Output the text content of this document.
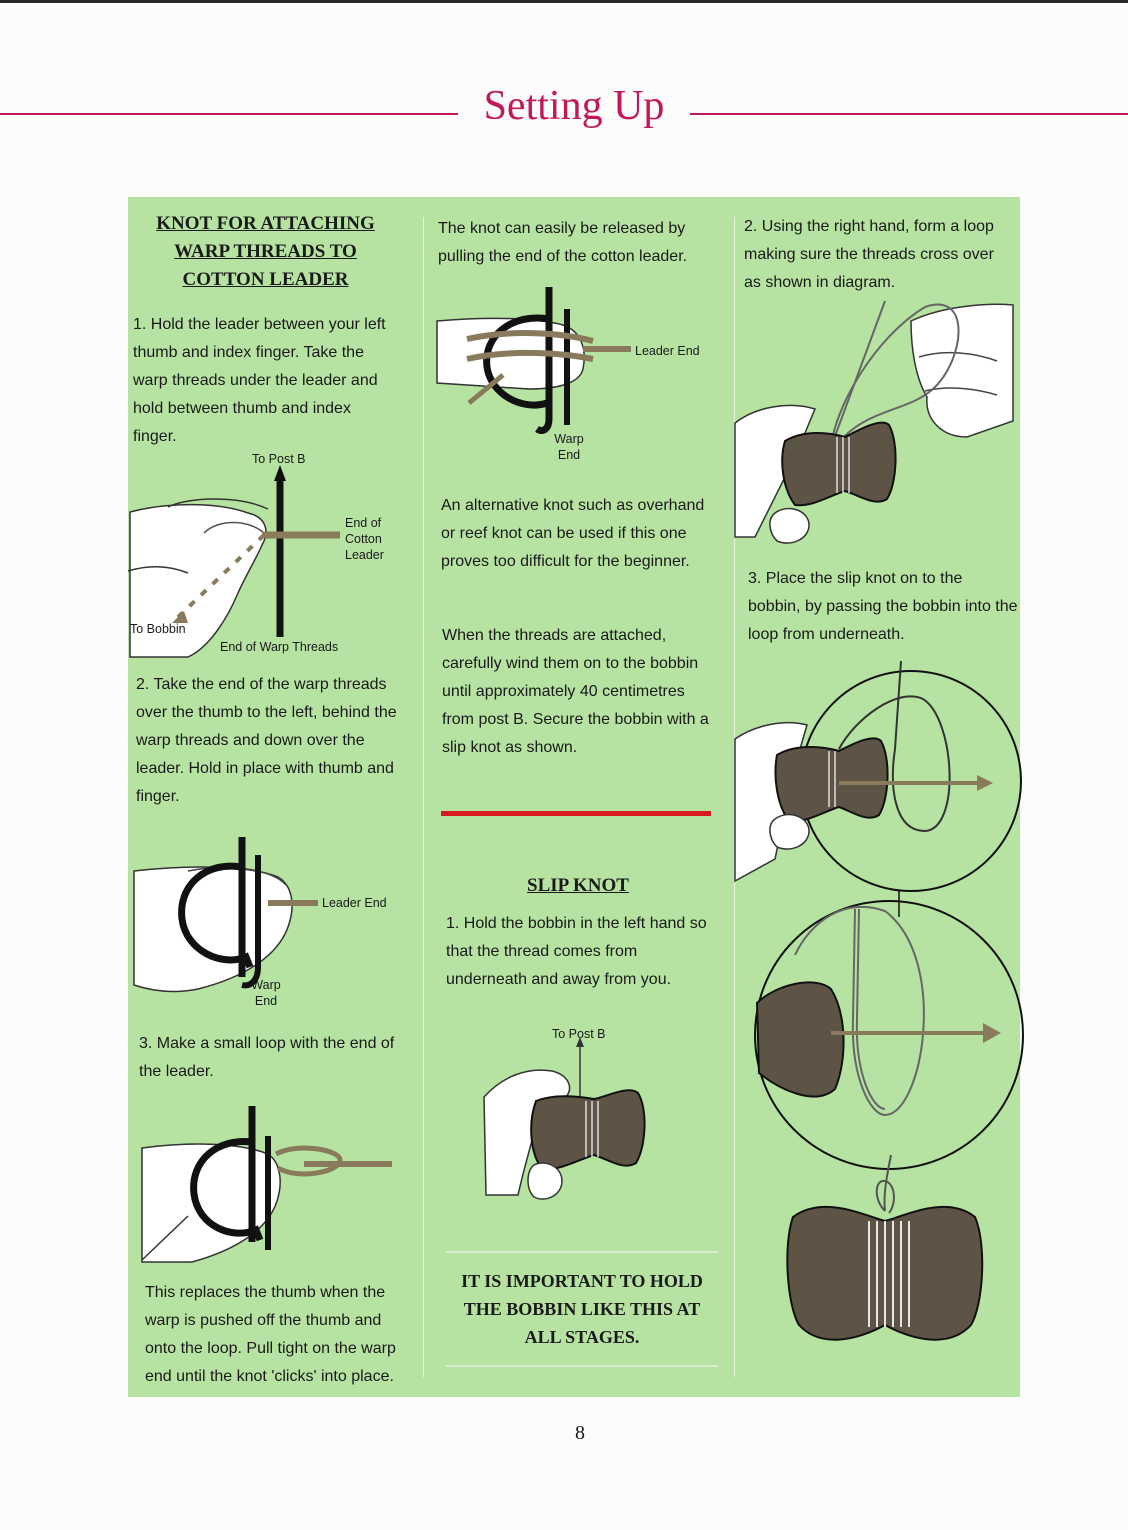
Setting Up
KNOT FOR ATTACHING WARP THREADS TO COTTON LEADER

1. Hold the leader between your left thumb and index finger. Take the warp threads under the leader and hold between thumb and index finger.

To Post B
End of Cotton Leader
To Bobbin
End of Warp Threads

2. Take the end of the warp threads over the thumb to the left, behind the warp threads and down over the leader. Hold in place with thumb and finger.

Leader End
Warp End

3. Make a small loop with the end of the leader.

This replaces the thumb when the warp is pushed off the thumb and onto the loop. Pull tight on the warp end until the knot 'clicks' into place.

The knot can easily be released by pulling the end of the cotton leader.

Leader End
Warp End

An alternative knot such as overhand or reef knot can be used if this one proves too difficult for the beginner.

When the threads are attached, carefully wind them on to the bobbin until approximately 40 centimetres from post B. Secure the bobbin with a slip knot as shown.

SLIP KNOT

1. Hold the bobbin in the left hand so that the thread comes from underneath and away from you.

To Post B

IT IS IMPORTANT TO HOLD THE BOBBIN LIKE THIS AT ALL STAGES.

2. Using the right hand, form a loop making sure the threads cross over as shown in diagram.

3. Place the slip knot on to the bobbin, by passing the bobbin into the loop from underneath.

8
